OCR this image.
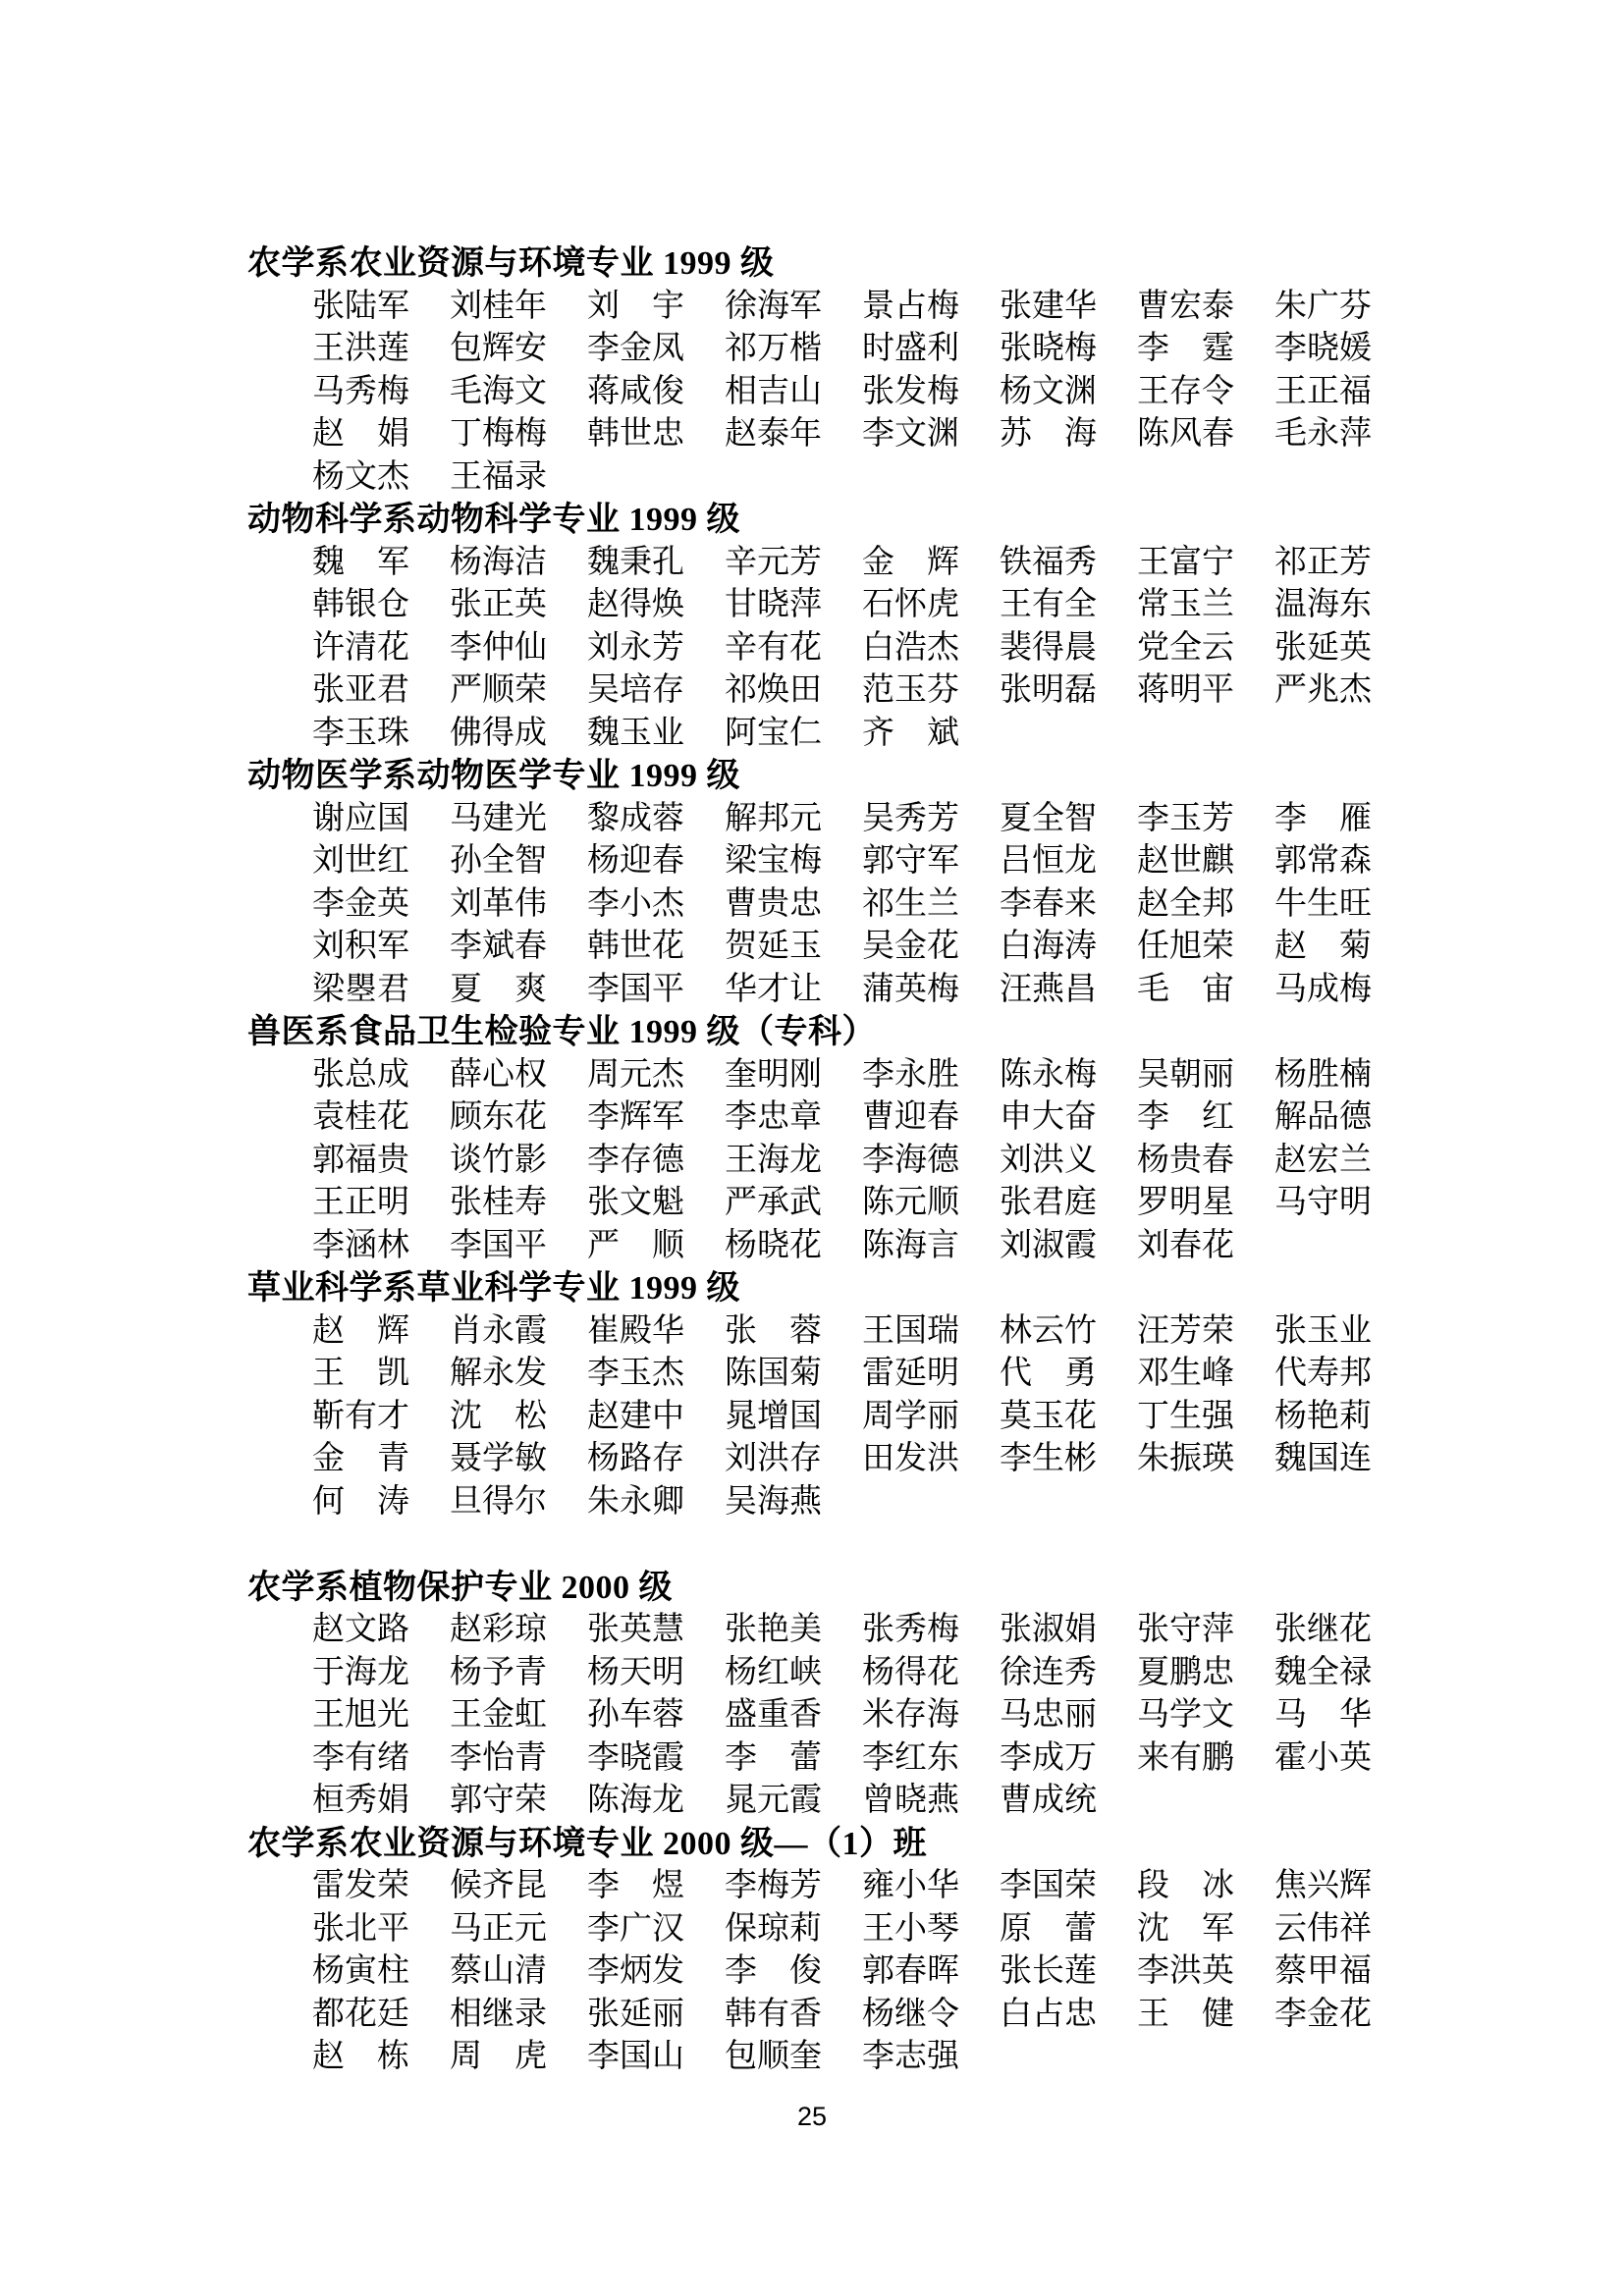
农学系农业资源与环境专业 1999 级
张陆军 刘桂年 刘　宇 徐海军 景占梅 张建华 曹宏泰 朱广芬
王洪莲 包辉安 李金凤 祁万楷 时盛利 张晓梅 李　霆 李晓媛
马秀梅 毛海文 蒋咸俊 相吉山 张发梅 杨文渊 王存令 王正福
赵　娟 丁梅梅 韩世忠 赵泰年 李文渊 苏　海 陈风春 毛永萍
杨文杰 王福录
动物科学系动物科学专业 1999 级
魏　军 杨海洁 魏秉孔 辛元芳 金　辉 铁福秀 王富宁 祁正芳
韩银仓 张正英 赵得焕 甘晓萍 石怀虎 王有全 常玉兰 温海东
许清花 李仲仙 刘永芳 辛有花 白浩杰 裴得晨 党全云 张延英
张亚君 严顺荣 吴培存 祁焕田 范玉芬 张明磊 蒋明平 严兆杰
李玉珠 佛得成 魏玉业 阿宝仁 齐　斌
动物医学系动物医学专业 1999 级
谢应国 马建光 黎成蓉 解邦元 吴秀芳 夏全智 李玉芳 李　雁
刘世红 孙全智 杨迎春 梁宝梅 郭守军 吕恒龙 赵世麒 郭常森
李金英 刘革伟 李小杰 曹贵忠 祁生兰 李春来 赵全邦 牛生旺
刘积军 李斌春 韩世花 贺延玉 吴金花 白海涛 任旭荣 赵　菊
梁瞾君 夏　爽 李国平 华才让 蒲英梅 汪燕昌 毛　宙 马成梅
兽医系食品卫生检验专业 1999 级（专科）
张总成 薛心权 周元杰 奎明刚 李永胜 陈永梅 吴朝丽 杨胜楠
袁桂花 顾东花 李辉军 李忠章 曹迎春 申大奋 李　红 解品德
郭福贵 谈竹影 李存德 王海龙 李海德 刘洪义 杨贵春 赵宏兰
王正明 张桂寿 张文魁 严承武 陈元顺 张君庭 罗明星 马守明
李涵林 李国平 严　顺 杨晓花 陈海言 刘淑霞 刘春花
草业科学系草业科学专业 1999 级
赵　辉 肖永霞 崔殿华 张　蓉 王国瑞 林云竹 汪芳荣 张玉业
王　凯 解永发 李玉杰 陈国菊 雷延明 代　勇 邓生峰 代寿邦
靳有才 沈　松 赵建中 晁增国 周学丽 莫玉花 丁生强 杨艳莉
金　青 聂学敏 杨路存 刘洪存 田发洪 李生彬 朱振瑛 魏国连
何　涛 旦得尔 朱永卿 吴海燕
农学系植物保护专业 2000 级
赵文路 赵彩琼 张英慧 张艳美 张秀梅 张淑娟 张守萍 张继花
于海龙 杨予青 杨天明 杨红峡 杨得花 徐连秀 夏鹏忠 魏全禄
王旭光 王金虹 孙车蓉 盛重香 米存海 马忠丽 马学文 马　华
李有绪 李怡青 李晓霞 李　蕾 李红东 李成万 来有鹏 霍小英
桓秀娟 郭守荣 陈海龙 晁元霞 曾晓燕 曹成统
农学系农业资源与环境专业 2000 级—（1）班
雷发荣 候齐昆 李　煜 李梅芳 雍小华 李国荣 段　冰 焦兴辉
张北平 马正元 李广汉 保琼莉 王小琴 原　蕾 沈　军 云伟祥
杨寅柱 蔡山清 李炳发 李　俊 郭春晖 张长莲 李洪英 蔡甲福
都花廷 相继录 张延丽 韩有香 杨继令 白占忠 王　健 李金花
赵　栋 周　虎 李国山 包顺奎 李志强
25
